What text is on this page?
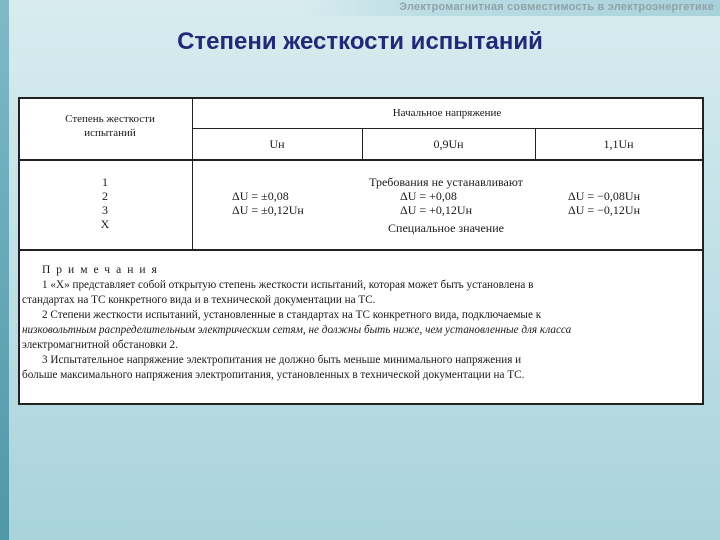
Электромагнитная совместимость в электроэнергетике
Степени жесткости испытаний
Степень жесткости
испытаний
Начальное напряжение
Uн	0,9Uн	1,1Uн
1
2
3
X
ΔU = ±0,08
ΔU = ±0,12Uн
Требования не устанавливают
ΔU = +0,08
ΔU = +0,12Uн
Специальное значение
ΔU = −0,08Uн
ΔU = −0,12Uн
Примечания
1 «X» представляет собой открытую степень жесткости испытаний, которая может быть установлена в
стандартах на ТС конкретного вида и в технической документации на ТС.
2 Степени жесткости испытаний, установленные в стандартах на ТС конкретного вида, подключаемые к
низковольтным распределительным электрическим сетям, не должны быть ниже, чем установленные для класса
электромагнитной обстановки 2.
3 Испытательное напряжение электропитания не должно быть меньше минимального напряжения и
больше максимального напряжения электропитания, установленных в технической документации на ТС.
